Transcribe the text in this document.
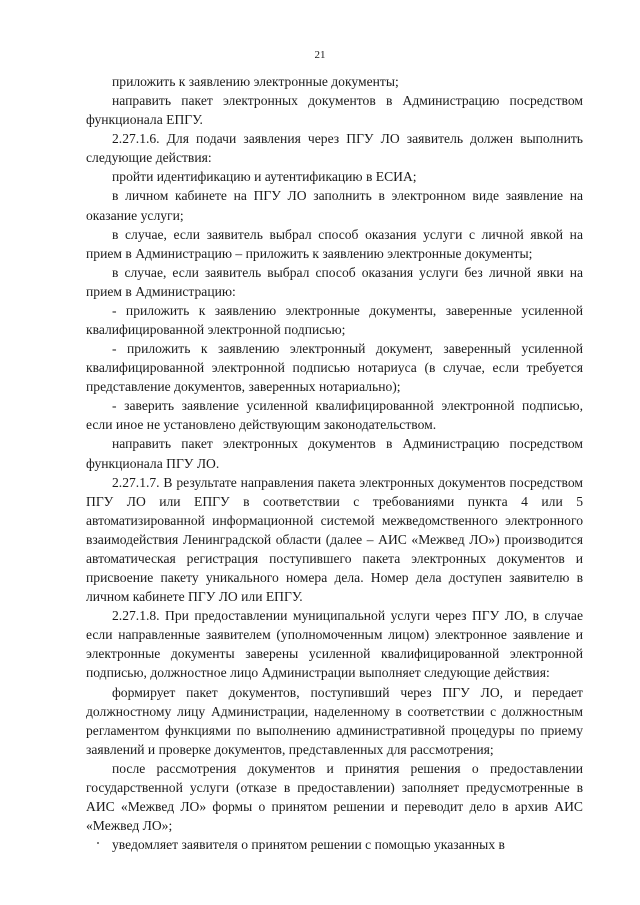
21

приложить к заявлению электронные документы;

направить пакет электронных документов в Администрацию посредством функционала ЕПГУ.

2.27.1.6. Для подачи заявления через ПГУ ЛО заявитель должен выполнить следующие действия:

пройти идентификацию и аутентификацию в ЕСИА;

в личном кабинете на ПГУ ЛО заполнить в электронном виде заявление на оказание услуги;

в случае, если заявитель выбрал способ оказания услуги с личной явкой на прием в Администрацию – приложить к заявлению электронные документы;

в случае, если заявитель выбрал способ оказания услуги без личной явки на прием в Администрацию:

- приложить к заявлению электронные документы, заверенные усиленной квалифицированной электронной подписью;

- приложить к заявлению электронный документ, заверенный усиленной квалифицированной электронной подписью нотариуса (в случае, если требуется представление документов, заверенных нотариально);

- заверить заявление усиленной квалифицированной электронной подписью, если иное не установлено действующим законодательством.

направить пакет электронных документов в Администрацию посредством функционала ПГУ ЛО.

2.27.1.7. В результате направления пакета электронных документов посредством ПГУ ЛО или ЕПГУ в соответствии с требованиями пункта 4 или 5 автоматизированной информационной системой межведомственного электронного взаимодействия Ленинградской области (далее – АИС «Межвед ЛО») производится автоматическая регистрация поступившего пакета электронных документов и присвоение пакету уникального номера дела. Номер дела доступен заявителю в личном кабинете ПГУ ЛО или ЕПГУ.

2.27.1.8. При предоставлении муниципальной услуги через ПГУ ЛО, в случае если направленные заявителем (уполномоченным лицом) электронное заявление и электронные документы заверены усиленной квалифицированной электронной подписью, должностное лицо Администрации выполняет следующие действия:

формирует пакет документов, поступивший через ПГУ ЛО, и передает должностному лицу Администрации, наделенному в соответствии с должностным регламентом функциями по выполнению административной процедуры по приему заявлений и проверке документов, представленных для рассмотрения;

после рассмотрения документов и принятия решения о предоставлении государственной услуги (отказе в предоставлении) заполняет предусмотренные в АИС «Межвед ЛО» формы о принятом решении и переводит дело в архив АИС «Межвед ЛО»;

уведомляет заявителя о принятом решении с помощью указанных в
